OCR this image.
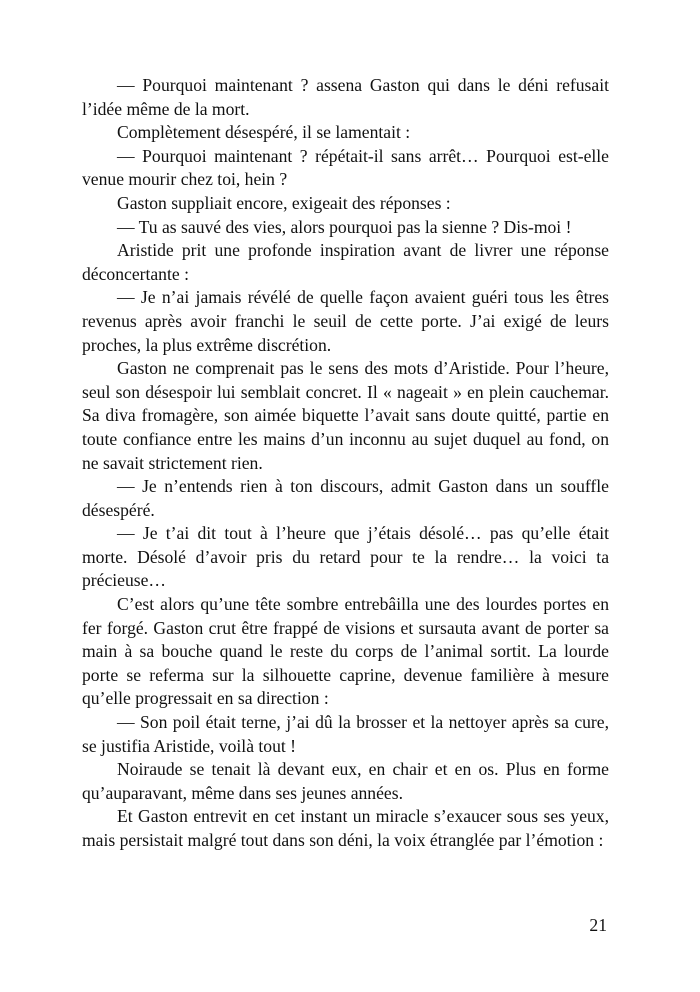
— Pourquoi maintenant ? assena Gaston qui dans le déni refusait l’idée même de la mort.

Complètement désespéré, il se lamentait :

— Pourquoi maintenant ? répétait-il sans arrêt… Pourquoi est-elle venue mourir chez toi, hein ?

Gaston suppliait encore, exigeait des réponses :

— Tu as sauvé des vies, alors pourquoi pas la sienne ? Dis-moi !

Aristide prit une profonde inspiration avant de livrer une réponse déconcertante :

— Je n’ai jamais révélé de quelle façon avaient guéri tous les êtres revenus après avoir franchi le seuil de cette porte. J’ai exigé de leurs proches, la plus extrême discrétion.

Gaston ne comprenait pas le sens des mots d’Aristide. Pour l’heure, seul son désespoir lui semblait concret. Il « nageait » en plein cauchemar. Sa diva fromagère, son aimée biquette l’avait sans doute quitté, partie en toute confiance entre les mains d’un inconnu au sujet duquel au fond, on ne savait strictement rien.

— Je n’entends rien à ton discours, admit Gaston dans un souffle désespéré.

— Je t’ai dit tout à l’heure que j’étais désolé… pas qu’elle était morte. Désolé d’avoir pris du retard pour te la rendre… la voici ta précieuse…

C’est alors qu’une tête sombre entrebâilla une des lourdes portes en fer forgé. Gaston crut être frappé de visions et sursauta avant de porter sa main à sa bouche quand le reste du corps de l’animal sortit. La lourde porte se referma sur la silhouette caprine, devenue familière à mesure qu’elle progressait en sa direction :

— Son poil était terne, j’ai dû la brosser et la nettoyer après sa cure, se justifia Aristide, voilà tout !

Noiraude se tenait là devant eux, en chair et en os. Plus en forme qu’auparavant, même dans ses jeunes années.

Et Gaston entrevit en cet instant un miracle s’exaucer sous ses yeux, mais persistait malgré tout dans son déni, la voix étranglée par l’émotion :

21
